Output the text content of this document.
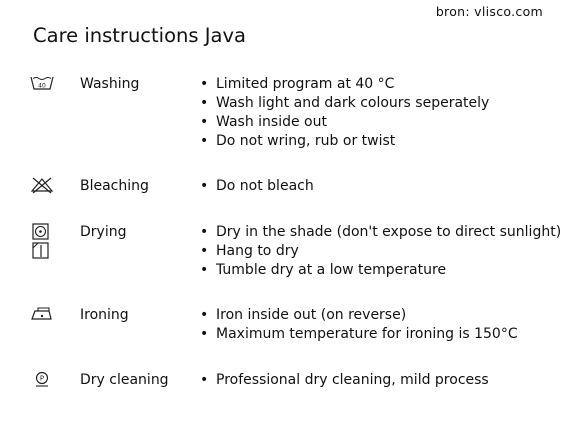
bron: vlisco.com
Care instructions Java
40 Washing	• Limited program at 40 °C
• Wash light and dark colours seperately
• Wash inside out
• Do not wring, rub or twist
Bleaching	• Do not bleach
Drying	• Dry in the shade (don't expose to direct sunlight)
• Hang to dry
• Tumble dry at a low temperature
Ironing	• Iron inside out (on reverse)
• Maximum temperature for ironing is 150°C
P	Dry cleaning	• Professional dry cleaning, mild process
